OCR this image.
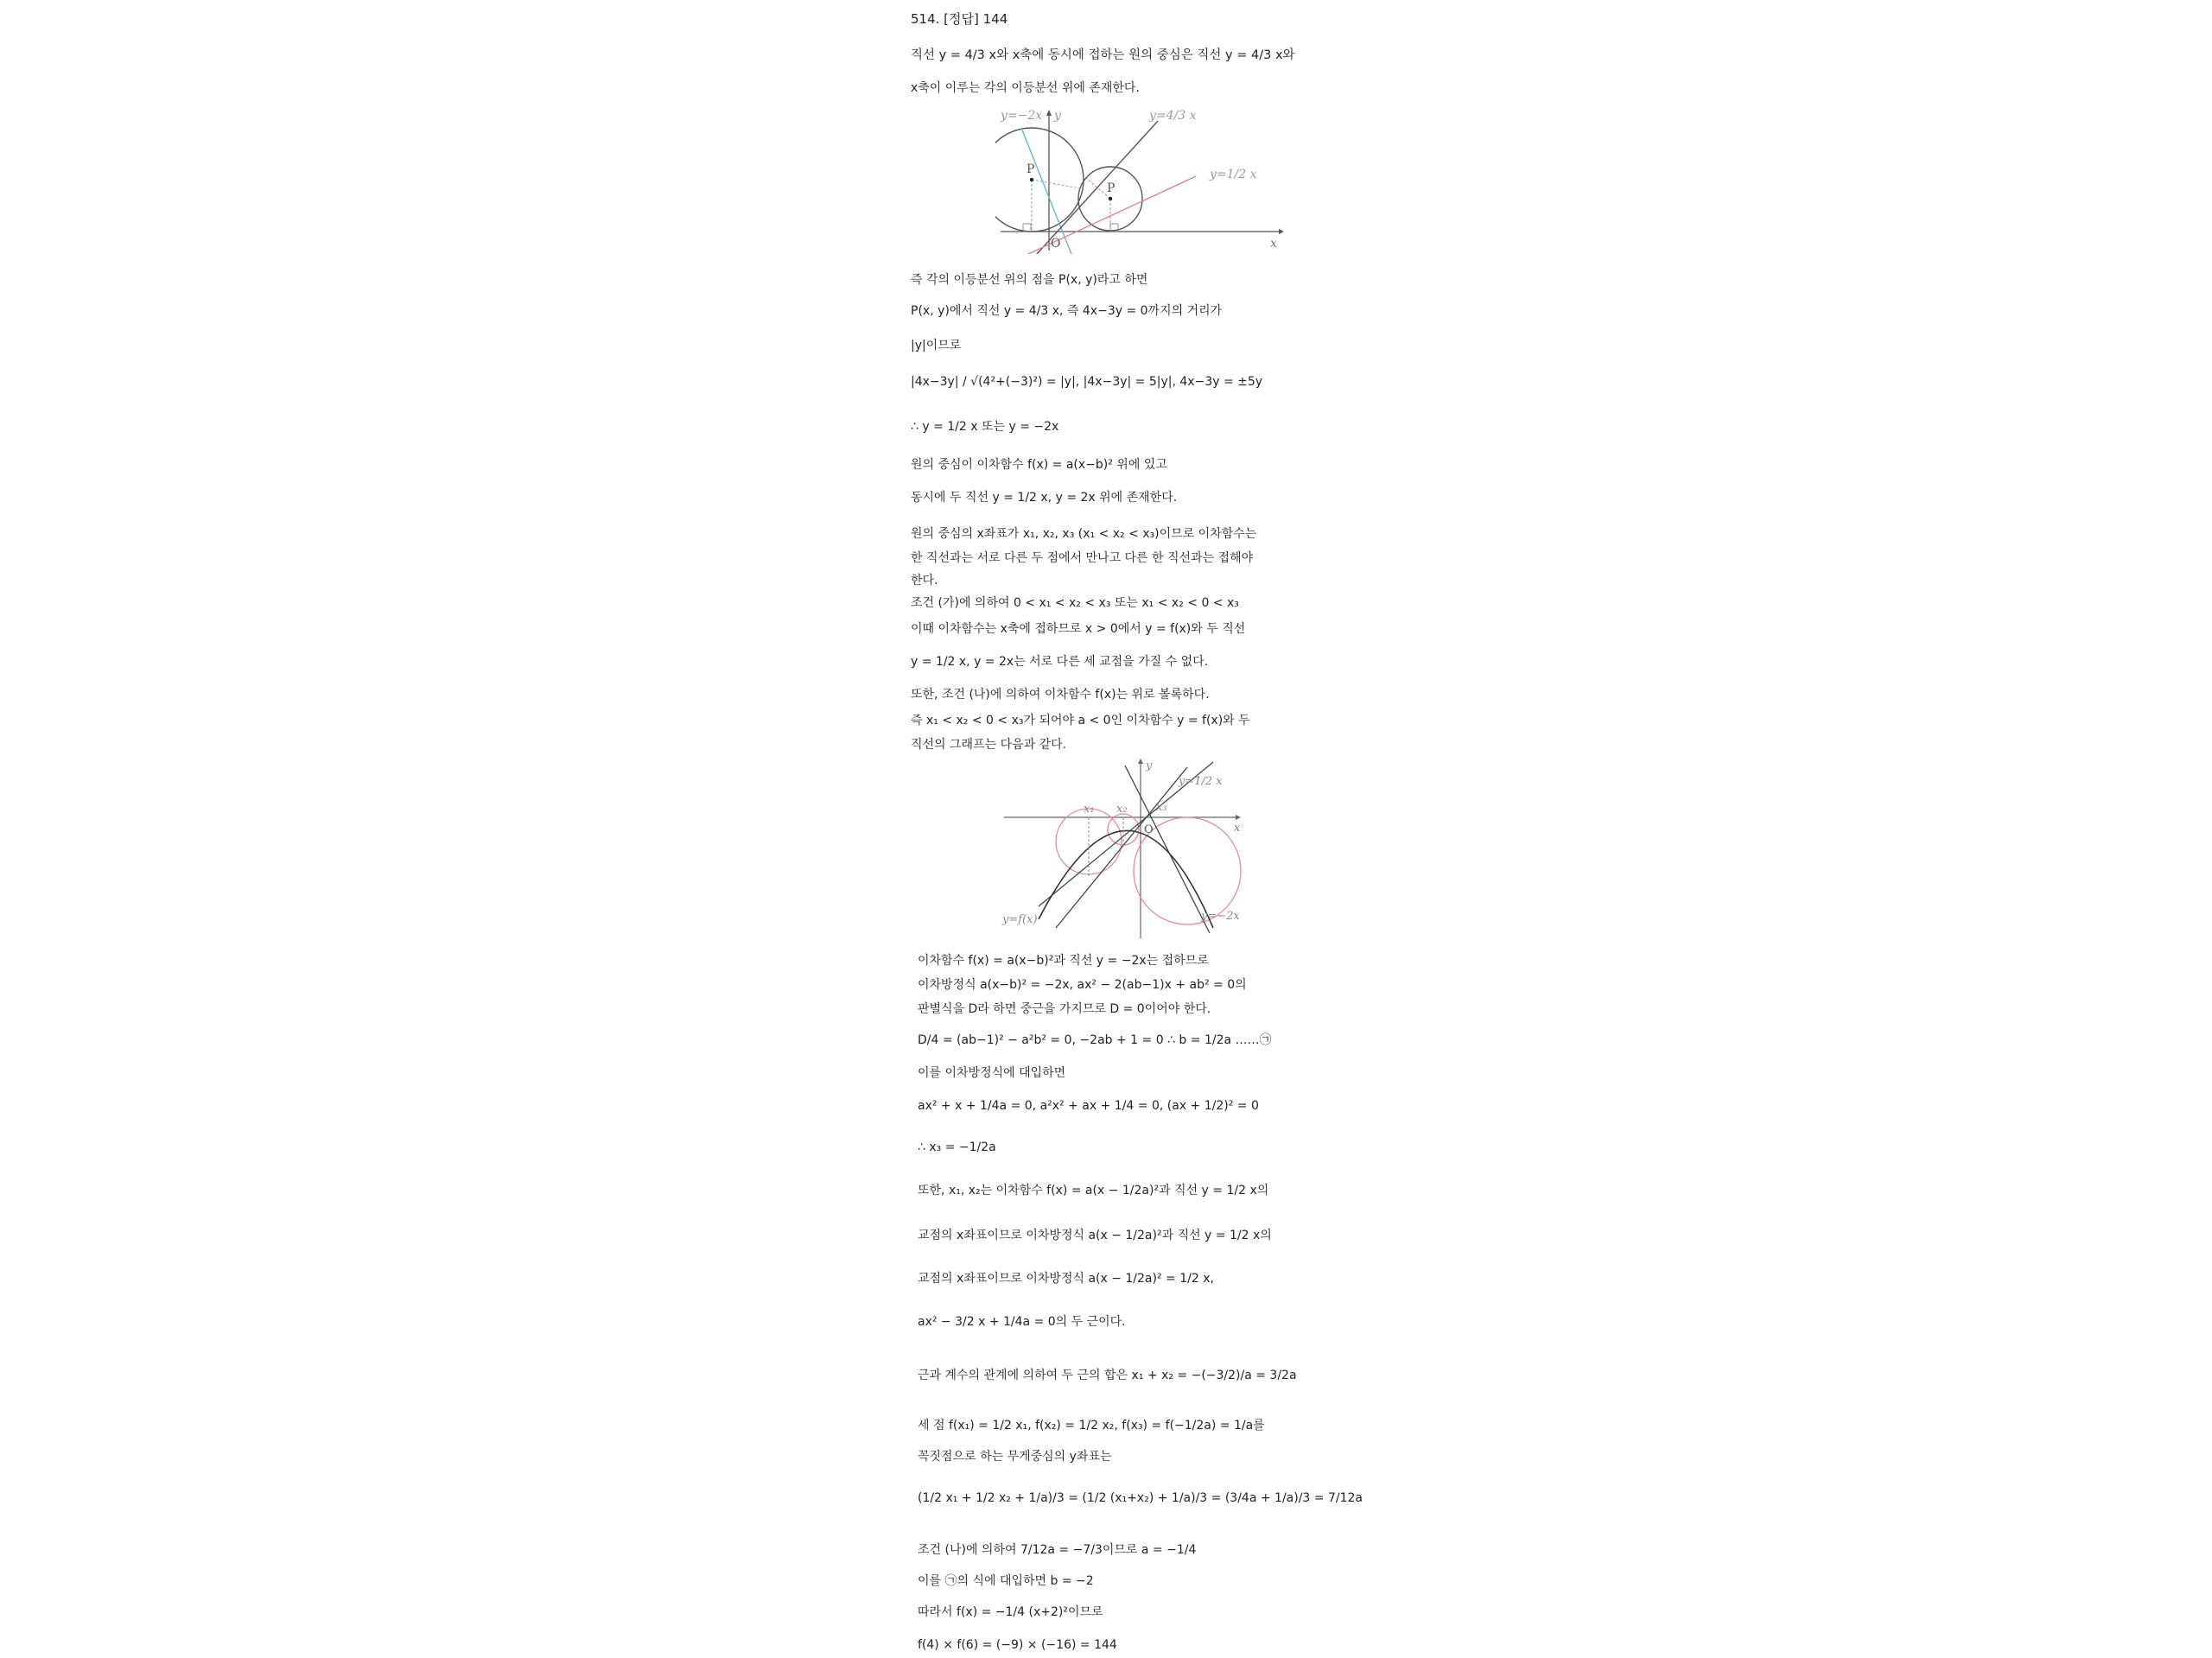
514. [정답] 144
직선 y = 4/3 x와 x축에 동시에 접하는 원의 중심은 직선 y = 4/3 x와
x축이 이루는 각의 이등분선 위에 존재한다.
y=−2x y	y=4/3 x
y=1/2 x
P
P
O	x
즉 각의 이등분선 위의 점을 P(x, y)라고 하면
P(x, y)에서 직선 y = 4/3 x, 즉 4x−3y = 0까지의 거리가
|y|이므로
|4x−3y| / √(4²+(−3)²) = |y|, |4x−3y| = 5|y|, 4x−3y = ±5y
∴ y = 1/2 x 또는 y = −2x
원의 중심이 이차함수 f(x) = a(x−b)² 위에 있고
동시에 두 직선 y = 1/2 x, y = 2x 위에 존재한다.
원의 중심의 x좌표가 x₁, x₂, x₃ (x₁ < x₂ < x₃)이므로 이차함수는
한 직선과는 서로 다른 두 점에서 만나고 다른 한 직선과는 접해야
한다.
조건 (가)에 의하여 0 < x₁ < x₂ < x₃ 또는 x₁ < x₂ < 0 < x₃
이때 이차함수는 x축에 접하므로 x > 0에서 y = f(x)와 두 직선
y = 1/2 x, y = 2x는 서로 다른 세 교점을 가질 수 없다.
또한, 조건 (나)에 의하여 이차함수 f(x)는 위로 볼록하다.
즉 x₁ < x₂ < 0 < x₃가 되어야 a < 0인 이차함수 y = f(x)와 두
직선의 그래프는 다음과 같다.
y
y=1/2 x
x₁ x₂	x₃
O	x
y=f(x)	y=−2x
이차함수 f(x) = a(x−b)²과 직선 y = −2x는 접하므로
이차방정식 a(x−b)² = −2x, ax² − 2(ab−1)x + ab² = 0의
판별식을 D라 하면 중근을 가지므로 D = 0이어야 한다.
D/4 = (ab−1)² − a²b² = 0, −2ab + 1 = 0 ∴ b = 1/2a ……㉠
이를 이차방정식에 대입하면
ax² + x + 1/4a = 0, a²x² + ax + 1/4 = 0, (ax + 1/2)² = 0
∴ x₃ = −1/2a
또한, x₁, x₂는 이차함수 f(x) = a(x − 1/2a)²과 직선 y = 1/2 x의
교점의 x좌표이므로 이차방정식 a(x − 1/2a)²과 직선 y = 1/2 x의
교점의 x좌표이므로 이차방정식 a(x − 1/2a)² = 1/2 x,
ax² − 3/2 x + 1/4a = 0의 두 근이다.
근과 계수의 관계에 의하여 두 근의 합은 x₁ + x₂ = −(−3/2)/a = 3/2a
세 점 f(x₁) = 1/2 x₁, f(x₂) = 1/2 x₂, f(x₃) = f(−1/2a) = 1/a를
꼭짓점으로 하는 무게중심의 y좌표는
(1/2 x₁ + 1/2 x₂ + 1/a)/3 = (1/2 (x₁+x₂) + 1/a)/3 = (3/4a + 1/a)/3 = 7/12a
조건 (나)에 의하여 7/12a = −7/3이므로 a = −1/4
이를 ㉠의 식에 대입하면 b = −2
따라서 f(x) = −1/4 (x+2)²이므로
f(4) × f(6) = (−9) × (−16) = 144
